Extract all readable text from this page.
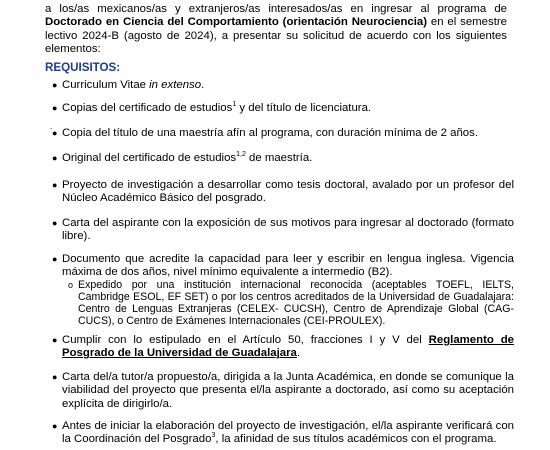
a los/as mexicanos/as y extranjeros/as interesados/as en ingresar al programa de Doctorado en Ciencia del Comportamiento (orientación Neurociencia) en el semestre lectivo 2024-B (agosto de 2024), a presentar su solicitud de acuerdo con los siguientes elementos:

REQUISITOS:

● Curriculum Vitae in extenso.

● Copias del certificado de estudios$^1$ y del título de licenciatura.

.

● Copia del título de una maestría afín al programa, con duración mínima de 2 años.

● Original del certificado de estudios$^{1,2}$ de maestría.

● Proyecto de investigación a desarrollar como tesis doctoral, avalado por un profesor del Núcleo Académico Básico del posgrado.

● Carta del aspirante con la exposición de sus motivos para ingresar al doctorado (formato libre).

● Documento que acredite la capacidad para leer y escribir en lengua inglesa. Vigencia máxima de dos años, nivel mínimo equivalente a intermedio (B2).

o Expedido por una institución internacional reconocida (aceptables TOEFL, IELTS, Cambridge ESOL, EF SET) o por los centros acreditados de la Universidad de Guadalajara: Centro de Lenguas Extranjeras (CELEX- CUCSH), Centro de Aprendizaje Global (CAG-CUCS), o Centro de Exámenes Internacionales (CEI-PROULEX).

● Cumplir con lo estipulado en el Artículo 50, fracciones I y V del Reglamento de Posgrado de la Universidad de Guadalajara.

● Carta del/a tutor/a propuesto/a, dirigida a la Junta Académica, en donde se comunique la viabilidad del proyecto que presenta el/la aspirante a doctorado, así como su aceptación explícita de dirigirlo/a.

● Antes de iniciar la elaboración del proyecto de investigación, el/la aspirante verificará con la Coordinación del Posgrado$^3$, la afinidad de sus títulos académicos con el programa.
